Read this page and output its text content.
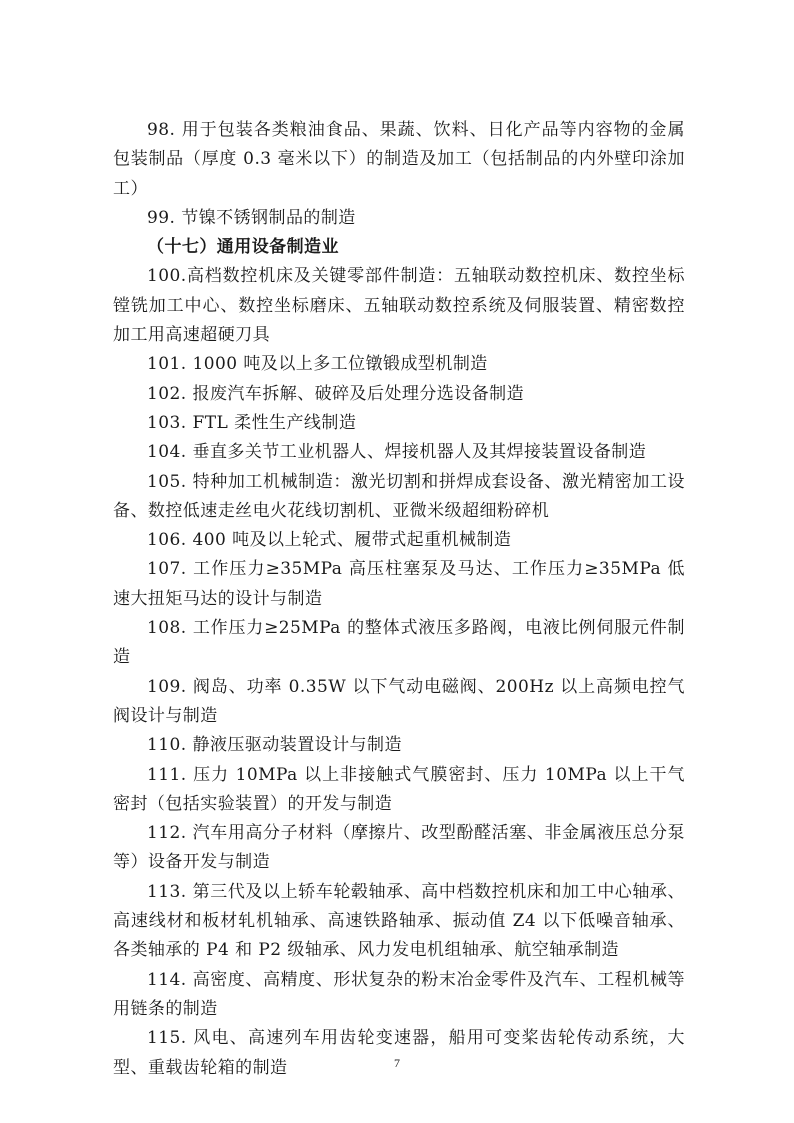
98. 用于包装各类粮油食品、果蔬、饮料、日化产品等内容物的金属包装制品（厚度 0.3 毫米以下）的制造及加工（包括制品的内外壁印涂加工）

99. 节镍不锈钢制品的制造

（十七）通用设备制造业

100.高档数控机床及关键零部件制造：五轴联动数控机床、数控坐标镗铣加工中心、数控坐标磨床、五轴联动数控系统及伺服装置、精密数控加工用高速超硬刀具

101. 1000 吨及以上多工位镦锻成型机制造

102. 报废汽车拆解、破碎及后处理分选设备制造

103. FTL 柔性生产线制造

104. 垂直多关节工业机器人、焊接机器人及其焊接装置设备制造

105. 特种加工机械制造：激光切割和拼焊成套设备、激光精密加工设备、数控低速走丝电火花线切割机、亚微米级超细粉碎机

106. 400 吨及以上轮式、履带式起重机械制造

107. 工作压力≥35MPa 高压柱塞泵及马达、工作压力≥35MPa 低速大扭矩马达的设计与制造

108. 工作压力≥25MPa 的整体式液压多路阀，电液比例伺服元件制造

109. 阀岛、功率 0.35W 以下气动电磁阀、200Hz 以上高频电控气阀设计与制造

110. 静液压驱动装置设计与制造

111. 压力 10MPa 以上非接触式气膜密封、压力 10MPa 以上干气密封（包括实验装置）的开发与制造

112. 汽车用高分子材料（摩擦片、改型酚醛活塞、非金属液压总分泵等）设备开发与制造

113. 第三代及以上轿车轮毂轴承、高中档数控机床和加工中心轴承、高速线材和板材轧机轴承、高速铁路轴承、振动值 Z4 以下低噪音轴承、各类轴承的 P4 和 P2 级轴承、风力发电机组轴承、航空轴承制造

114. 高密度、高精度、形状复杂的粉末冶金零件及汽车、工程机械等用链条的制造

115. 风电、高速列车用齿轮变速器，船用可变桨齿轮传动系统，大型、重载齿轮箱的制造	7
